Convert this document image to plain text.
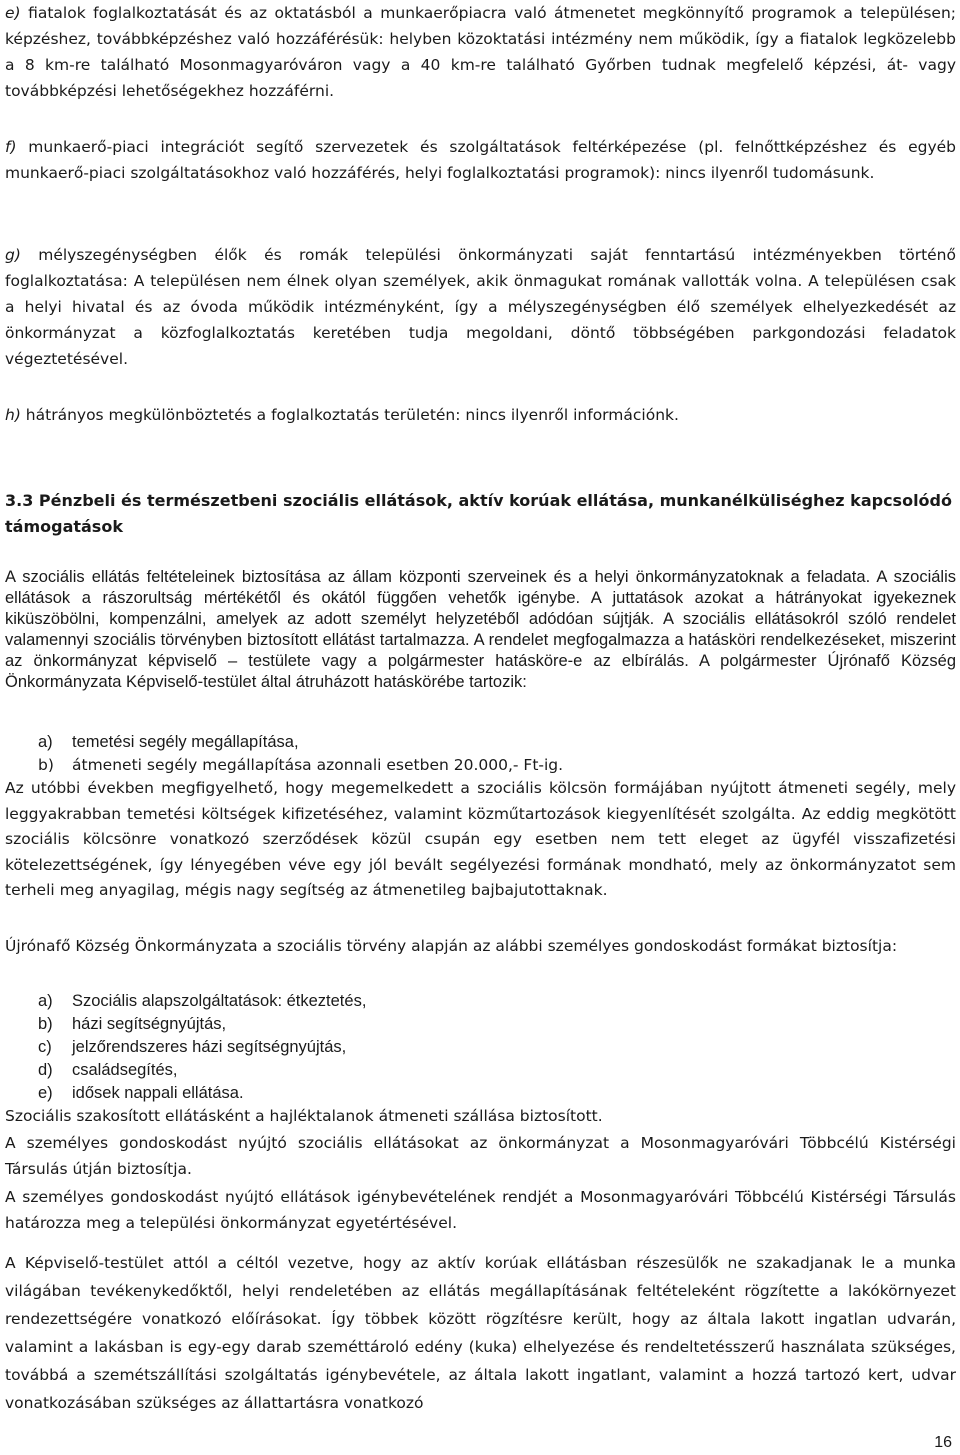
e) fiatalok foglalkoztatását és az oktatásból a munkaerőpiacra való átmenetet megkönnyítő programok a településen; képzéshez, továbbképzéshez való hozzáférésük: helyben közoktatási intézmény nem működik, így a fiatalok legközelebb a 8 km-re található Mosonmagyaróváron vagy a 40 km-re található Győrben tudnak megfelelő képzési, át- vagy továbbképzési lehetőségekhez hozzáférni.

f) munkaerő-piaci integrációt segítő szervezetek és szolgáltatások feltérképezése (pl. felnőttképzéshez és egyéb munkaerő-piaci szolgáltatásokhoz való hozzáférés, helyi foglalkoztatási programok): nincs ilyenről tudomásunk.

g) mélyszegénységben élők és romák települési önkormányzati saját fenntartású intézményekben történő foglalkoztatása: A településen nem élnek olyan személyek, akik önmagukat romának vallották volna. A településen csak a helyi hivatal és az óvoda működik intézményként, így a mélyszegénységben élő személyek elhelyezkedését az önkormányzat a közfoglalkoztatás keretében tudja megoldani, döntő többségében parkgondozási feladatok végeztetésével.

h) hátrányos megkülönböztetés a foglalkoztatás területén: nincs ilyenről információnk.

3.3 Pénzbeli és természetbeni szociális ellátások, aktív korúak ellátása, munkanélküliséghez kapcsolódó támogatások

A szociális ellátás feltételeinek biztosítása az állam központi szerveinek és a helyi önkormányzatoknak a feladata. A szociális ellátások a rászorultság mértékétől és okától függően vehetők igénybe. A juttatások azokat a hátrányokat igyekeznek kiküszöbölni, kompenzálni, amelyek az adott személyt helyzetéből adódóan sújtják. A szociális ellátásokról szóló rendelet valamennyi szociális törvényben biztosított ellátást tartalmazza. A rendelet megfogalmazza a hatásköri rendelkezéseket, miszerint az önkormányzat képviselő – testülete vagy a polgármester hatásköre-e az elbírálás. A polgármester Újrónafő Község Önkormányzata Képviselő-testület által átruházott hatáskörébe tartozik:

a) temetési segély megállapítása,
b) átmeneti segély megállapítása azonnali esetben 20.000,- Ft-ig.

Az utóbbi években megfigyelhető, hogy megemelkedett a szociális kölcsön formájában nyújtott átmeneti segély, mely leggyakrabban temetési költségek kifizetéséhez, valamint közműtartozások kiegyenlítését szolgálta. Az eddig megkötött szociális kölcsönre vonatkozó szerződések közül csupán egy esetben nem tett eleget az ügyfél visszafizetési kötelezettségének, így lényegében véve egy jól bevált segélyezési formának mondható, mely az önkormányzatot sem terheli meg anyagilag, mégis nagy segítség az átmenetileg bajbajutottaknak.

Újrónafő Község Önkormányzata a szociális törvény alapján az alábbi személyes gondoskodást formákat biztosítja:

a) Szociális alapszolgáltatások: étkeztetés,
b) házi segítségnyújtás,
c) jelzőrendszeres házi segítségnyújtás,
d) családsegítés,
e) idősek nappali ellátása.

Szociális szakosított ellátásként a hajléktalanok átmeneti szállása biztosított.

A személyes gondoskodást nyújtó szociális ellátásokat az önkormányzat a Mosonmagyaróvári Többcélú Kistérségi Társulás útján biztosítja.

A személyes gondoskodást nyújtó ellátások igénybevételének rendjét a Mosonmagyaróvári Többcélú Kistérségi Társulás határozza meg a települési önkormányzat egyetértésével.

A Képviselő-testület attól a céltól vezetve, hogy az aktív korúak ellátásban részesülők ne szakadjanak le a munka világában tevékenykedőktől, helyi rendeletében az ellátás megállapításának feltételeként rögzítette a lakókörnyezet rendezettségére vonatkozó előírásokat. Így többek között rögzítésre került, hogy az általa lakott ingatlan udvarán, valamint a lakásban is egy-egy darab szeméttároló edény (kuka) elhelyezése és rendeltetésszerű használata szükséges, továbbá a szemétszállítási szolgáltatás igénybevétele, az általa lakott ingatlant, valamint a hozzá tartozó kert, udvar vonatkozásában szükséges az állattartásra vonatkozó

16
